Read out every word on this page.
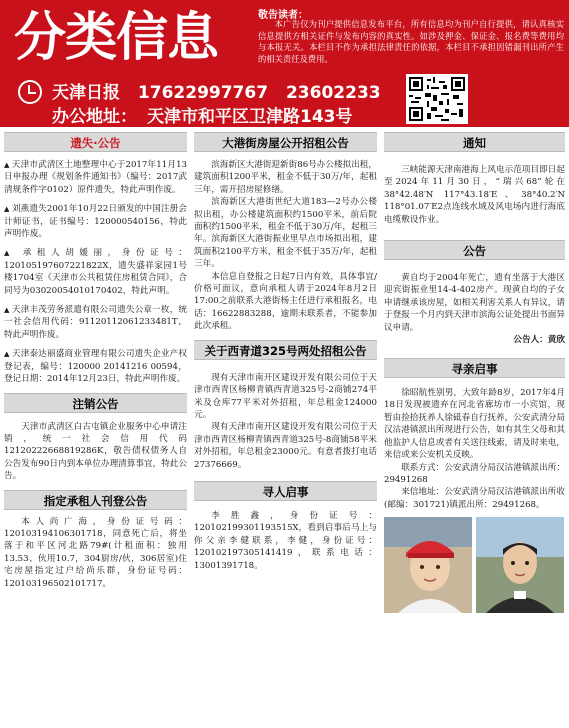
分类信息	敬告读者：
本广告仅为刊户提供信息发布平台，所有信息均为刊户自行提供，请认真核实信息提供方相关证件与发布内容的真实性。如涉及押金、保证金、报名费等费用均与本报无关。本栏目不作为承担法律责任的依据，本栏目不承担因错漏刊出所产生的相关责任及费用。
天津日报 17622997767 23602233
办公地址： 天津市和平区卫津路143号
遗失·公告
▲ 天津市武清区土地整理中心于2017年11月13日申报办理《规划条件通知书》（编号：2017武清规条件字0102）原件遗失，特此声明作废。
▲ 刘燕遗失2001年10月22日颁发的中国注册会计师证书，证书编号：120000540156，特此声明作废。
▲ 承租人胡媛丽，身份证号：120105197607221822X，遗失盛祥家园1号楼1704室《天津市公共租赁住房租赁合同》，合同号为030200540101704​02，特此声明。
▲ 天津丰茂劳务派遣有限公司遗失公章一枚，统一社会信用代码：91120112061233481T，特此声明作废。
▲ 天津泰达丽盛商业管理有限公司遗失企业产权登记表，编号：120000 20141216 00594，登记日期：2014年12月23日，特此声明作废。
注销公告
天津市武清区白古屯镇企业服务中心申请注销，统一社会信用代码12120222668819286K，敬告债权债务人自公告发布90日内到本单位办理清算事宜，特此公告。
指定承租人刊登公告
本人尚广海，身份证号码：120103194106301718，同意死亡后，将坐落于和平区河北路79#(计租面积：独用13.53、伙用10.7，304厨房/伙，306居室)住宅房屋指定过户给尚乐群，身份证号码：120103196502101717。
大港街房屋公开招租公告
滨海新区大港街迎新街86号办公楼拟出租，建筑面积1200平米，租金不低于30万/年，起租三年，需开招房屋修缮。
滨海新区大港街世纪大道183—2号办公楼拟出租，办公楼建筑面积约1500平米，前后院面积约1500平米，租金不低于30万/年，起租三年。滨海新区大港街振业里早点市场拟出租，建筑面积2100平方米，租金不低于35万/年，起租三年。
本信息自登报之日起7日内有效，具体事宜/价格可面议，意向承租人请于2024年8月2日17:00之前联系大港街杨主任进行承租报名，电话：16622883288，逾期未联系者，不能参加此次承租。
关于西青道325号两处招租公告
现有天津市南开区建设开发有限公司位于天津市西青区杨柳青镇西青道325号-2商铺274平米及仓库77平米对外招租，年总租金124000元。
现有天津市南开区建设开发有限公司位于天津市西青区杨柳青镇西青道325号-8商铺58平米对外招租，年总租金23000元。有意者拨打电话27376669。
寻人启事
李胜鑫，身份证号：12010219930119351​5X，看到启事后马上与你父亲李健联系，李健，身份证号：120102197305141419，联系电话：13001391718。
通知
三峡能源天津南港海上风电示范项目即日起至2024年11月30日，“瑞兴68”轮在38°42.48′N 117°43.18′E、38°40.2′N 118°01.07′E2点连线水域及风电场内进行海底电缆敷设作业。
公告
黄自均于2004年死亡，遗有坐落于大港区迎宾街振业里14-4-402房产。现黄自均的子女申请继承该房屋，如相关利害关系人有异议，请于登报一个月内到天津市滨海公证处提出书面异议申请。
公告人：黄欣
寻亲启事
徐昭航性别男，大致年龄8岁，2017年4月18日发现被遗弃在河北省廊坊市一小宾馆，现暂由捡拾抚养人徐砥春自行抚养，公安武清分局汉沽港镇派出所现进行公告，如有其生父母和其他监护人信息或者有关送往线索，请及时来电，来信或来公安机关反映。
联系方式：公安武清分局汉沽港镇派出所：29491268
来信地址：公安武清分局汉沽港镇派出所收(邮编：301721)镇派出所：29491268。
